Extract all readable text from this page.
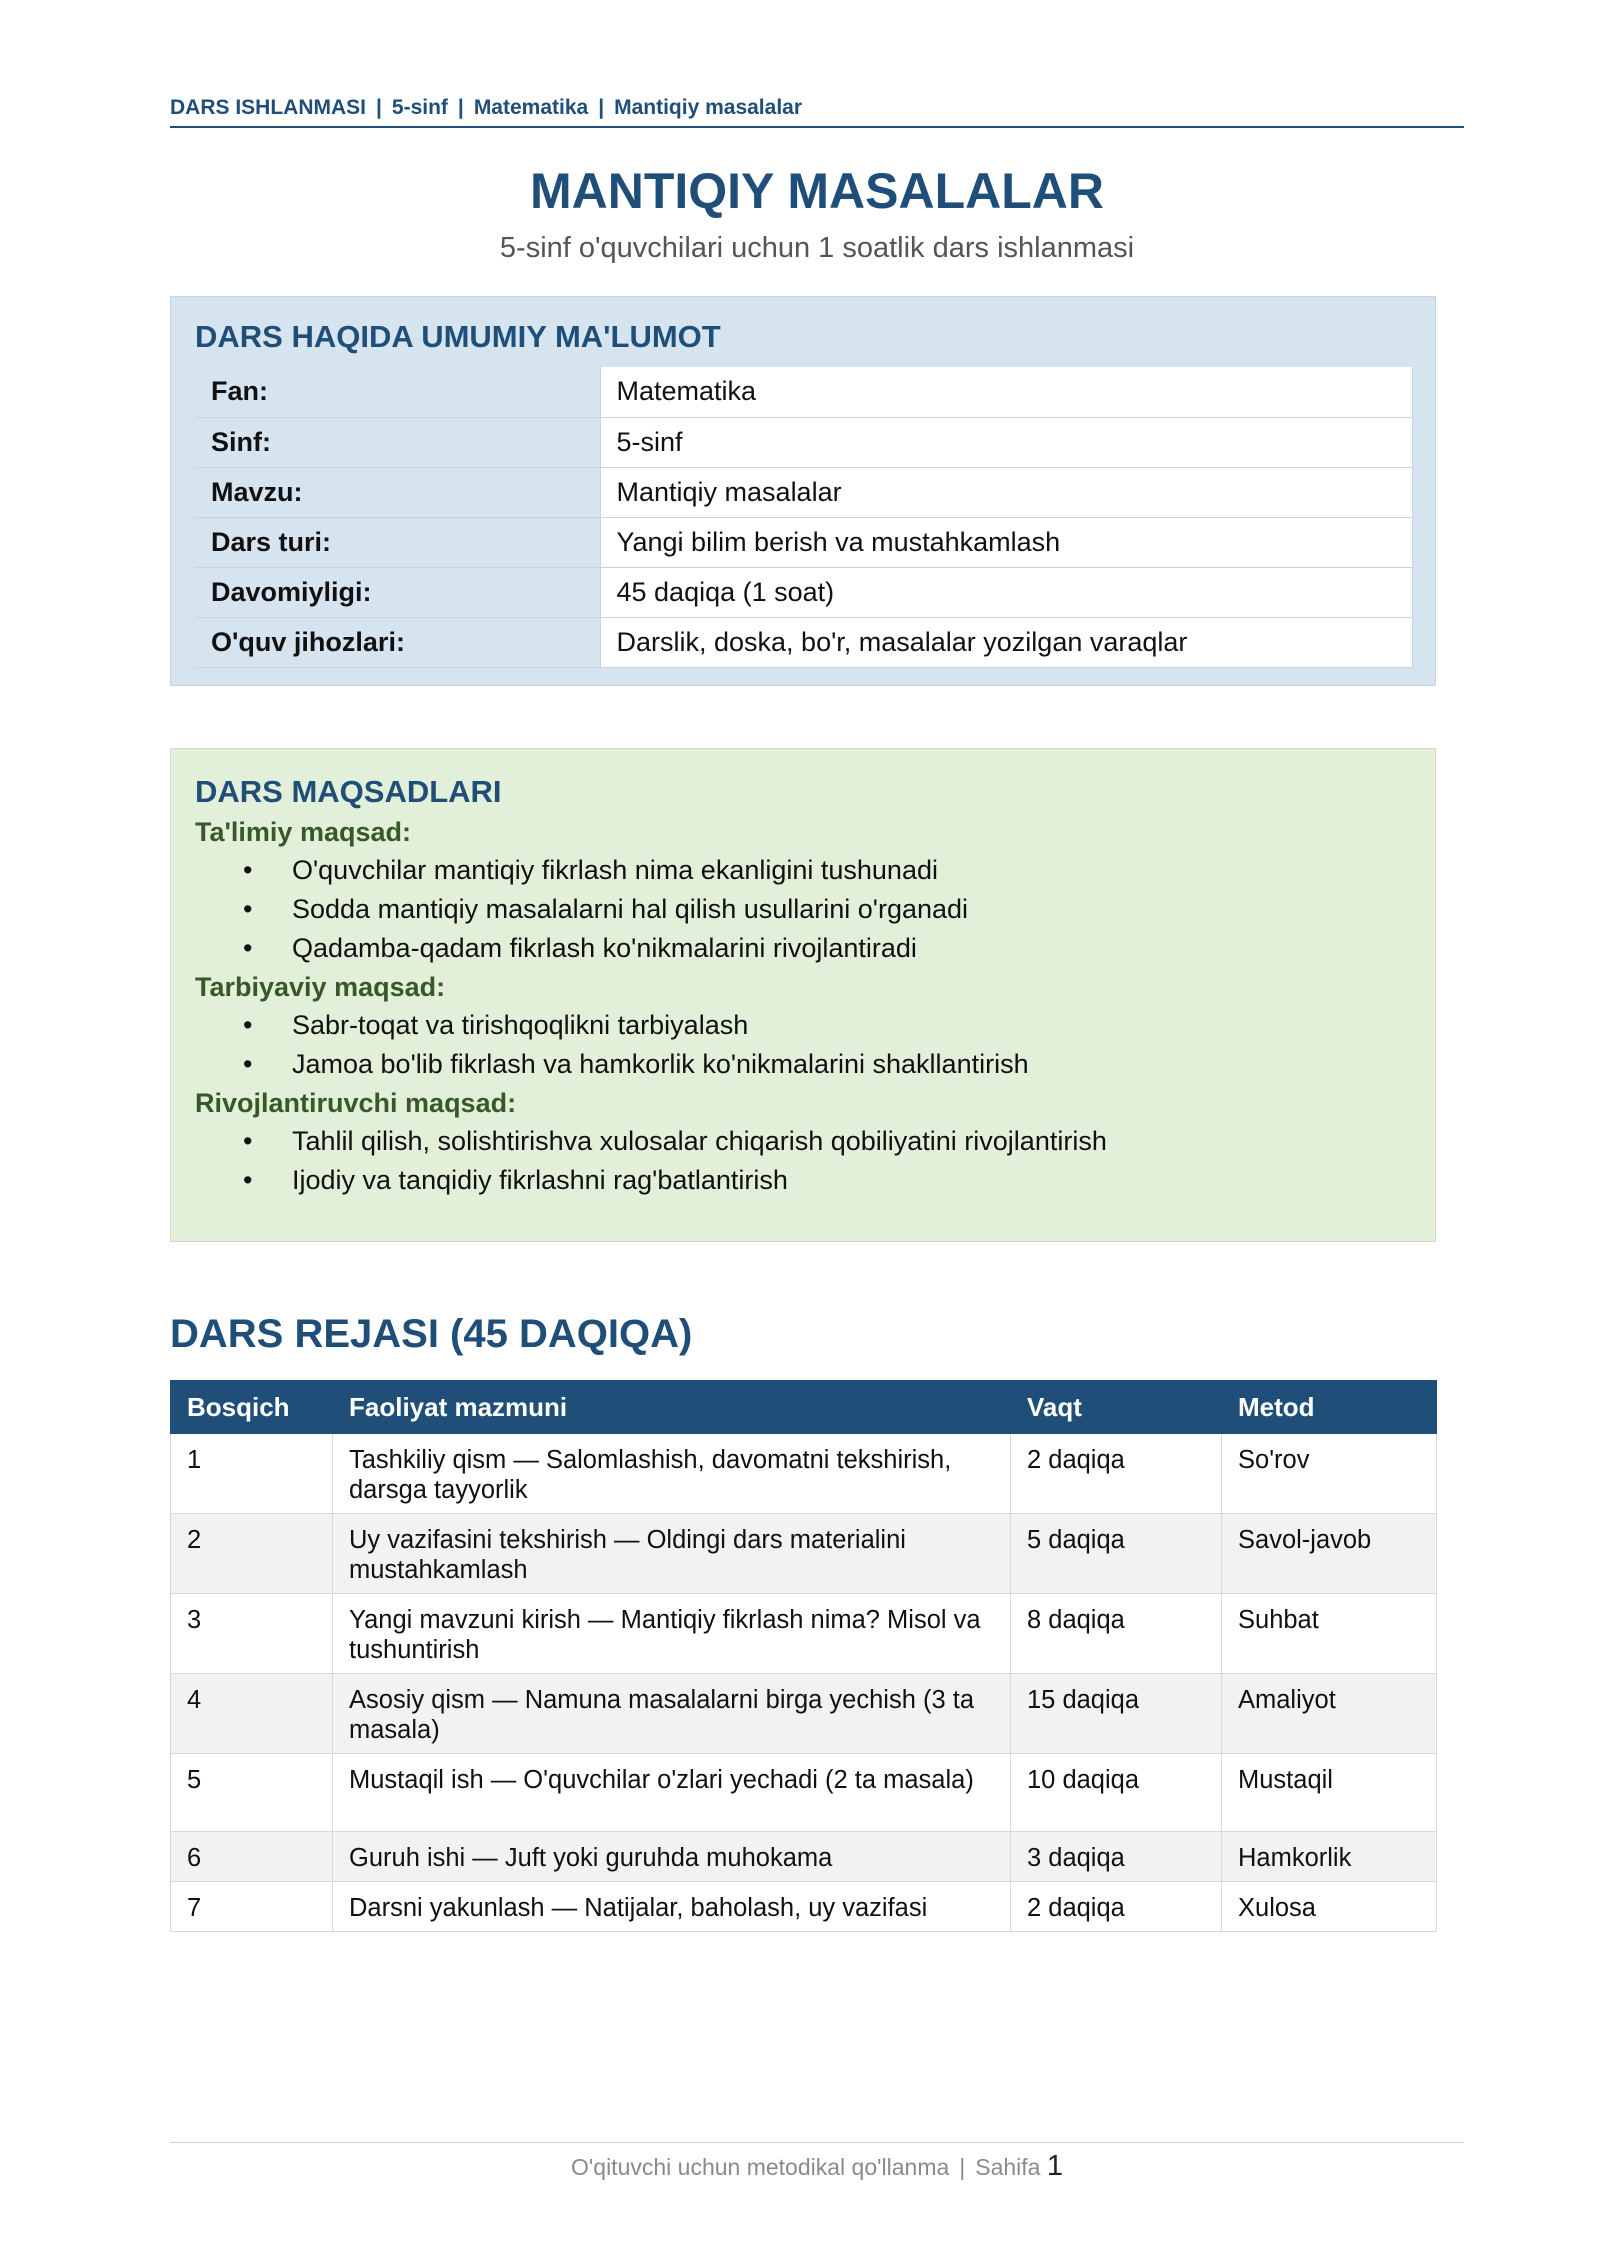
DARS ISHLANMASI | 5-sinf | Matematika | Mantiqiy masalalar
MANTIQIY MASALALAR
5-sinf o'quvchilari uchun 1 soatlik dars ishlanmasi
DARS HAQIDA UMUMIY MA'LUMOT
Fan:	Matematika
Sinf:	5-sinf
Mavzu:	Mantiqiy masalalar
Dars turi:	Yangi bilim berish va mustahkamlash
Davomiyligi:	45 daqiqa (1 soat)
O'quv jihozlari:	Darslik, doska, bo'r, masalalar yozilgan varaqlar
DARS MAQSADLARI
Ta'limiy maqsad:
• O'quvchilar mantiqiy fikrlash nima ekanligini tushunadi
• Sodda mantiqiy masalalarni hal qilish usullarini o'rganadi
• Qadamba-qadam fikrlash ko'nikmalarini rivojlantiradi
Tarbiyaviy maqsad:
• Sabr-toqat va tirishqoqlikni tarbiyalash
• Jamoa bo'lib fikrlash va hamkorlik ko'nikmalarini shakllantirish
Rivojlantiruvchi maqsad:
• Tahlil qilish, solishtirishva xulosalar chiqarish qobiliyatini rivojlantirish
• Ijodiy va tanqidiy fikrlashni rag'batlantirish
DARS REJASI (45 DAQIQA)
Bosqich	Faoliyat mazmuni	Vaqt	Metod
1	Tashkiliy qism — Salomlashish, davomatni tekshirish, darsga tayyorlik	2 daqiqa	So'rov
2	Uy vazifasini tekshirish — Oldingi dars materialini mustahkamlash	5 daqiqa	Savol-javob
3	Yangi mavzuni kirish — Mantiqiy fikrlash nima? Misol va tushuntirish	8 daqiqa	Suhbat
4	Asosiy qism — Namuna masalalarni birga yechish (3 ta masala)	15 daqiqa	Amaliyot
5	Mustaqil ish — O'quvchilar o'zlari yechadi (2 ta masala)	10 daqiqa	Mustaqil
6	Guruh ishi — Juft yoki guruhda muhokama	3 daqiqa	Hamkorlik
7	Darsni yakunlash — Natijalar, baholash, uy vazifasi	2 daqiqa	Xulosa
O'qituvchi uchun metodikal qo'llanma | Sahifa 1
